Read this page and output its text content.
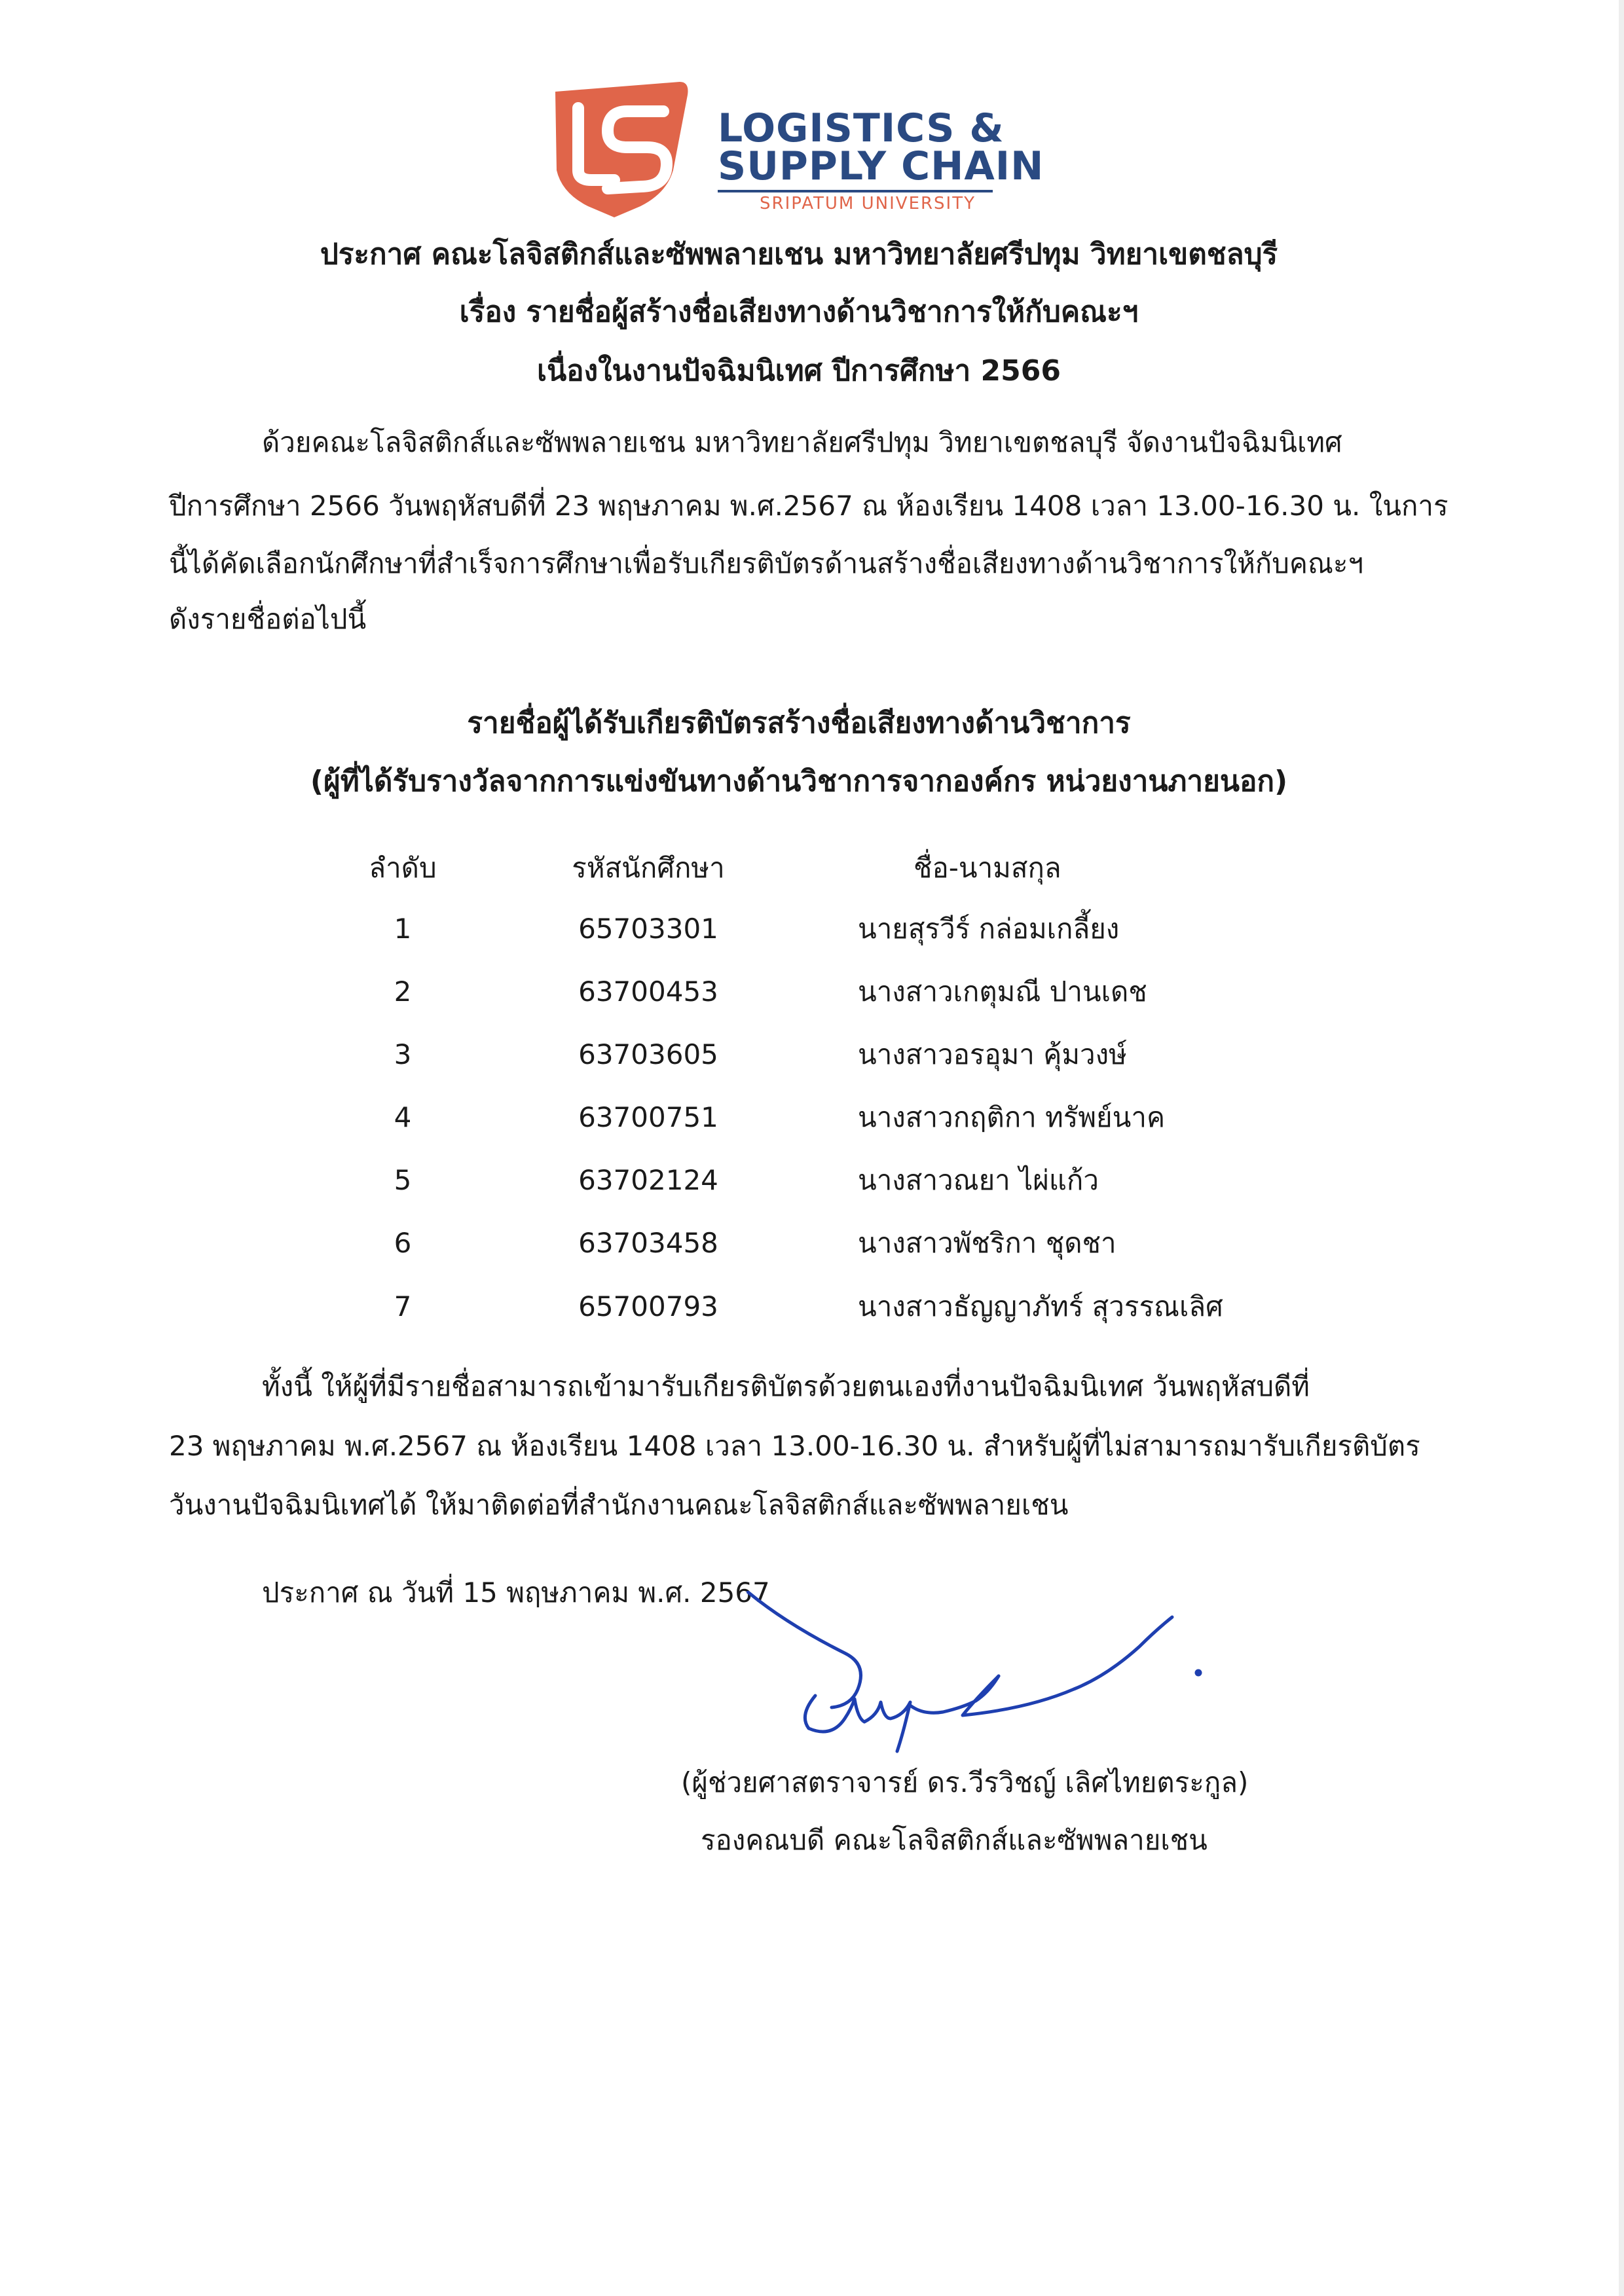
LOGISTICS &
SUPPLY CHAIN
SRIPATUM UNIVERSITY
ประกาศ คณะโลจิสติกส์และซัพพลายเชน มหาวิทยาลัยศรีปทุม วิทยาเขตชลบุรี
เรื่อง รายชื่อผู้สร้างชื่อเสียงทางด้านวิชาการให้กับคณะฯ
เนื่องในงานปัจฉิมนิเทศ ปีการศึกษา 2566
ด้วยคณะโลจิสติกส์และซัพพลายเชน มหาวิทยาลัยศรีปทุม วิทยาเขตชลบุรี จัดงานปัจฉิมนิเทศ
ปีการศึกษา 2566 วันพฤหัสบดีที่ 23 พฤษภาคม พ.ศ.2567 ณ ห้องเรียน 1408 เวลา 13.00-16.30 น. ในการ
นี้ได้คัดเลือกนักศึกษาที่สำเร็จการศึกษาเพื่อรับเกียรติบัตรด้านสร้างชื่อเสียงทางด้านวิชาการให้กับคณะฯ
ดังรายชื่อต่อไปนี้
รายชื่อผู้ได้รับเกียรติบัตรสร้างชื่อเสียงทางด้านวิชาการ
(ผู้ที่ได้รับรางวัลจากการแข่งขันทางด้านวิชาการจากองค์กร หน่วยงานภายนอก)
ลำดับ	รหัสนักศึกษา	ชื่อ-นามสกุล
1	65703301	นายสุรวีร์ กล่อมเกลี้ยง
2	63700453	นางสาวเกตุมณี ปานเดช
3	63703605	นางสาวอรอุมา คุ้มวงษ์
4	63700751	นางสาวกฤติกา ทรัพย์นาค
5	63702124	นางสาวณยา ไผ่แก้ว
6	63703458	นางสาวพัชริกา ชุดชา
7	65700793	นางสาวธัญญาภัทร์ สุวรรณเลิศ
ทั้งนี้ ให้ผู้ที่มีรายชื่อสามารถเข้ามารับเกียรติบัตรด้วยตนเองที่งานปัจฉิมนิเทศ วันพฤหัสบดีที่
23 พฤษภาคม พ.ศ.2567 ณ ห้องเรียน 1408 เวลา 13.00-16.30 น. สำหรับผู้ที่ไม่สามารถมารับเกียรติบัตร
วันงานปัจฉิมนิเทศได้ ให้มาติดต่อที่สำนักงานคณะโลจิสติกส์และซัพพลายเชน
ประกาศ ณ วันที่ 15 พฤษภาคม พ.ศ. 2567
(ผู้ช่วยศาสตราจารย์ ดร.วีรวิชญ์ เลิศไทยตระกูล)
รองคณบดี คณะโลจิสติกส์และซัพพลายเชน
